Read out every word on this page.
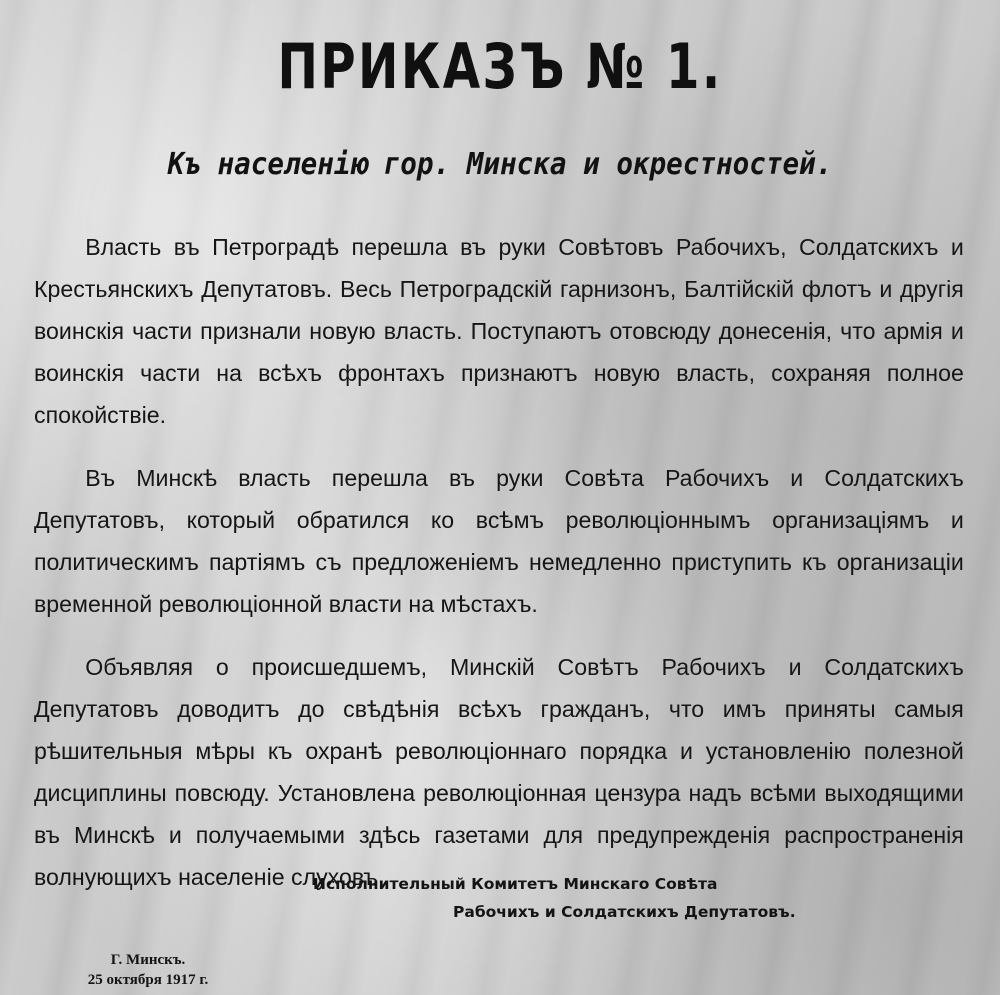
ПРИКАЗЪ № 1.
Къ населенію гор. Минска и окрестностей.

Власть въ Петроградѣ перешла въ руки Совѣтовъ Рабочихъ, Солдатскихъ и Крестьянскихъ Депутатовъ. Весь Петроградскій гарнизонъ, Балтійскій флотъ и другія воинскія части признали новую власть. Поступаютъ отовсюду донесенія, что армія и воинскія части на всѣхъ фронтахъ признаютъ новую власть, сохраняя полное спокойствіе.

Въ Минскѣ власть перешла въ руки Совѣта Рабочихъ и Солдатскихъ Депутатовъ, который обратился ко всѣмъ революціоннымъ организаціямъ и политическимъ партіямъ съ предложеніемъ немедленно приступить къ организаціи временной революціонной власти на мѣстахъ.

Объявляя о происшедшемъ, Минскій Совѣтъ Рабочихъ и Солдатскихъ Депутатовъ доводитъ до свѣдѣнія всѣхъ гражданъ, что имъ приняты самыя рѣшительныя мѣры къ охранѣ революціоннаго порядка и установленію полезной дисциплины повсюду. Установлена революціонная цензура надъ всѣми выходящими въ Минскѣ и получаемыми здѣсь газетами для предупрежденія распространенія волнующихъ населеніе слуховъ.

Исполнительный Комитетъ Минскаго Совѣта
Рабочихъ и Солдатскихъ Депутатовъ.
Г. Минскъ.
25 октября 1917 г.
